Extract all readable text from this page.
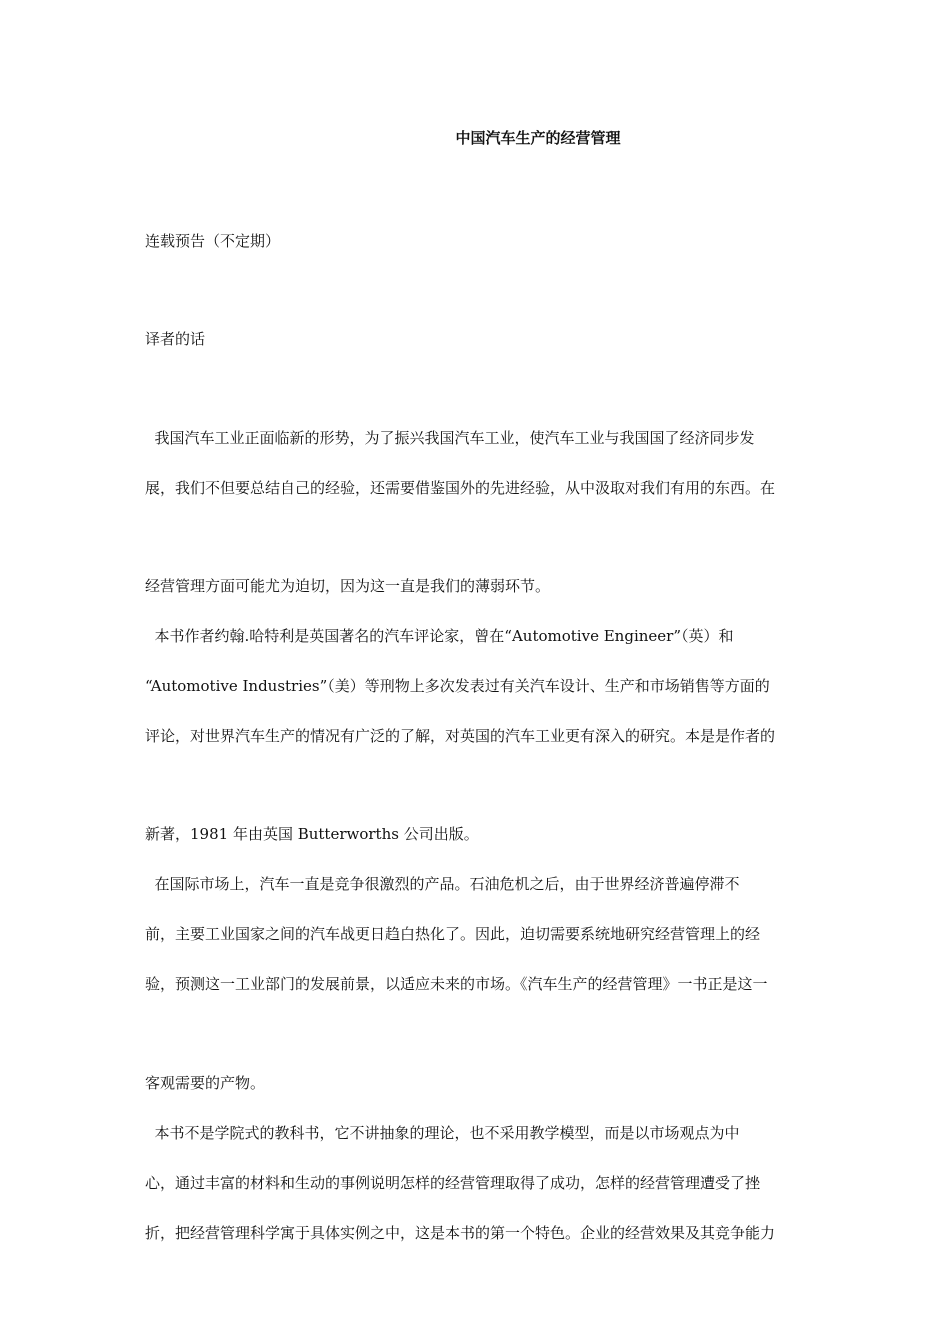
中国汽车生产的经营管理
连载预告（不定期）
译者的话
我国汽车工业正面临新的形势，为了振兴我国汽车工业，使汽车工业与我国国了经济同步发
展，我们不但要总结自己的经验，还需要借鉴国外的先进经验，从中汲取对我们有用的东西。在
经营管理方面可能尤为迫切，因为这一直是我们的薄弱环节。
本书作者约翰.哈特利是英国著名的汽车评论家，曾在“Automotive Engineer”（英）和
“Automotive Industries”（美）等刑物上多次发表过有关汽车设计、生产和市场销售等方面的
评论，对世界汽车生产的情况有广泛的了解，对英国的汽车工业更有深入的研究。本是是作者的
新著，1981 年由英国 Butterworths 公司出版。
在国际市场上，汽车一直是竞争很激烈的产品。石油危机之后，由于世界经济普遍停滞不
前，主要工业国家之间的汽车战更日趋白热化了。因此，迫切需要系统地研究经营管理上的经
验，预测这一工业部门的发展前景，以适应未来的市场。《汽车生产的经营管理》一书正是这一
客观需要的产物。
本书不是学院式的教科书，它不讲抽象的理论，也不采用教学模型，而是以市场观点为中
心，通过丰富的材料和生动的事例说明怎样的经营管理取得了成功，怎样的经营管理遭受了挫
折，把经营管理科学寓于具体实例之中，这是本书的第一个特色。企业的经营效果及其竞争能力
